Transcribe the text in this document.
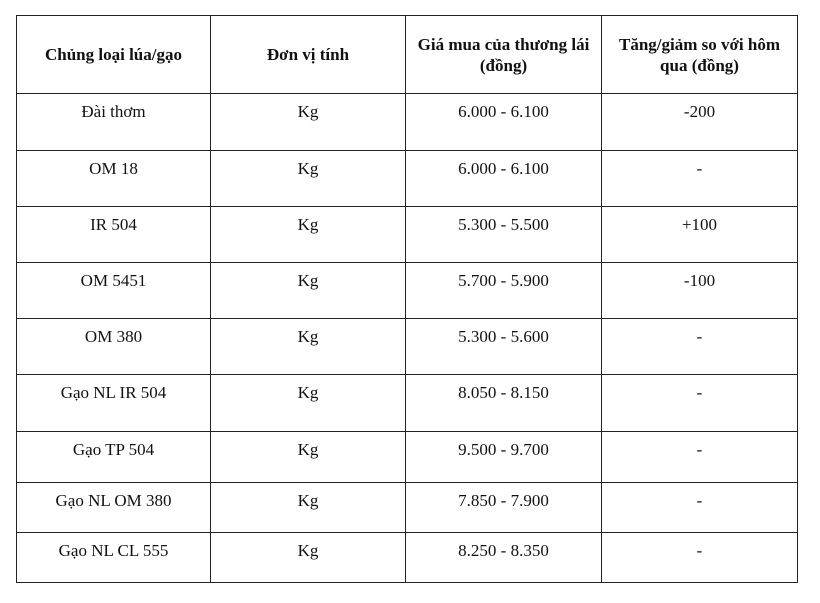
Chủng loại lúa/gạo	Đơn vị tính	Giá mua của thương lái (đồng)	Tăng/giảm so với hôm qua (đồng)
Đài thơm	Kg	6.000 - 6.100	-200
OM 18	Kg	6.000 - 6.100	-
IR 504	Kg	5.300 - 5.500	+100
OM 5451	Kg	5.700 - 5.900	-100
OM 380	Kg	5.300 - 5.600	-
Gạo NL IR 504	Kg	8.050 - 8.150	-
Gạo TP 504	Kg	9.500 - 9.700	-
Gạo NL OM 380	Kg	7.850 - 7.900	-
Gạo NL CL 555	Kg	8.250 - 8.350	-
